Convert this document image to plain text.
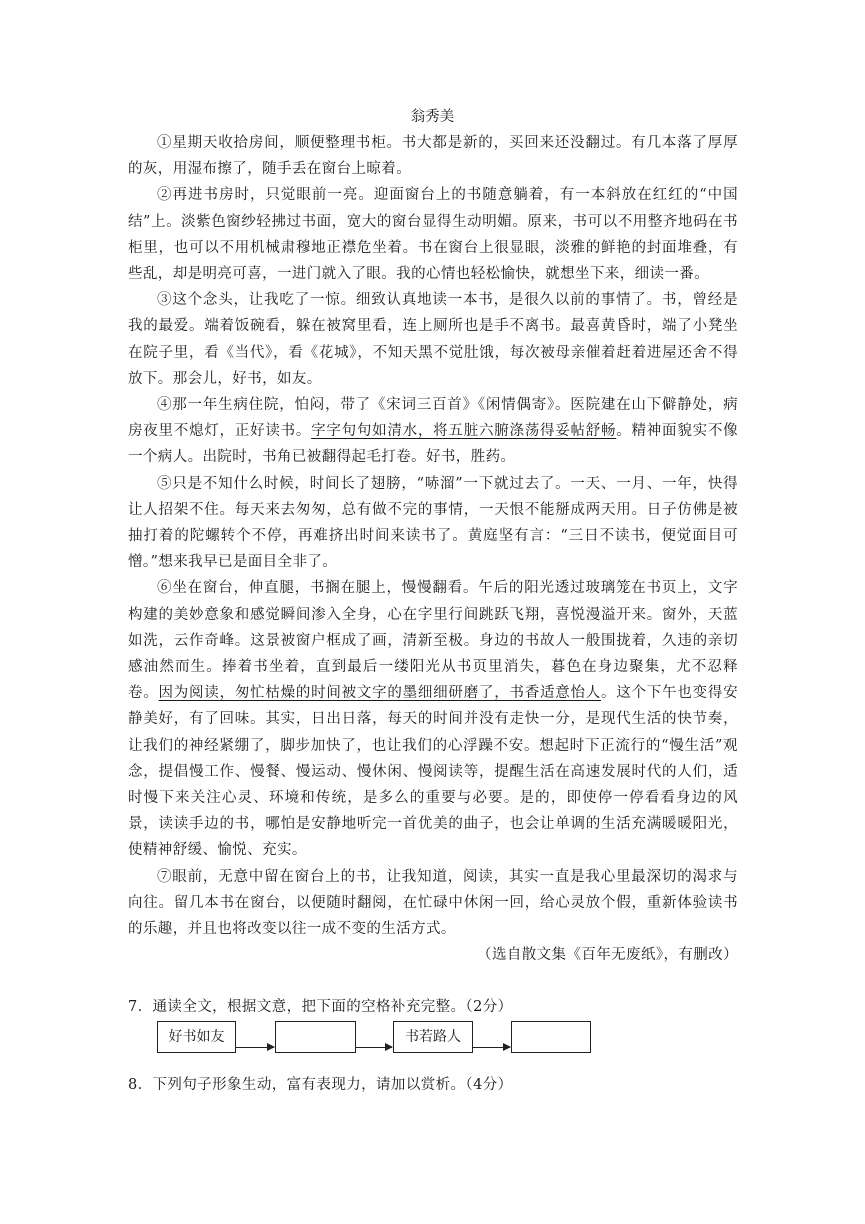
翁秀美

①星期天收拾房间，顺便整理书柜。书大都是新的，买回来还没翻过。有几本落了厚厚的灰，用湿布擦了，随手丢在窗台上晾着。

②再进书房时，只觉眼前一亮。迎面窗台上的书随意躺着，有一本斜放在红红的“中国结”上。淡紫色窗纱轻拂过书面，宽大的窗台显得生动明媚。原来，书可以不用整齐地码在书柜里，也可以不用机械肃穆地正襟危坐着。书在窗台上很显眼，淡雅的鲜艳的封面堆叠，有些乱，却是明亮可喜，一进门就入了眼。我的心情也轻松愉快，就想坐下来，细读一番。

③这个念头，让我吃了一惊。细致认真地读一本书，是很久以前的事情了。书，曾经是我的最爱。端着饭碗看，躲在被窝里看，连上厕所也是手不离书。最喜黄昏时，端了小凳坐在院子里，看《当代》，看《花城》，不知天黑不觉肚饿，每次被母亲催着赶着进屋还舍不得放下。那会儿，好书，如友。

④那一年生病住院，怕闷，带了《宋词三百首》《闲情偶寄》。医院建在山下僻静处，病房夜里不熄灯，正好读书。字字句句如清水，将五脏六腑涤荡得妥帖舒畅。精神面貌实不像一个病人。出院时，书角已被翻得起毛打卷。好书，胜药。

⑤只是不知什么时候，时间长了翅膀，“哧溜”一下就过去了。一天、一月、一年，快得让人招架不住。每天来去匆匆，总有做不完的事情，一天恨不能掰成两天用。日子仿佛是被抽打着的陀螺转个不停，再难挤出时间来读书了。黄庭坚有言：“三日不读书，便觉面目可憎。”想来我早已是面目全非了。

⑥坐在窗台，伸直腿，书搁在腿上，慢慢翻看。午后的阳光透过玻璃笼在书页上，文字构建的美妙意象和感觉瞬间渗入全身，心在字里行间跳跃飞翔，喜悦漫溢开来。窗外，天蓝如洗，云作奇峰。这景被窗户框成了画，清新至极。身边的书故人一般围拢着，久违的亲切感油然而生。捧着书坐着，直到最后一缕阳光从书页里消失，暮色在身边聚集，尤不忍释卷。因为阅读，匆忙枯燥的时间被文字的墨细细研磨了，书香适意怡人。这个下午也变得安静美好，有了回味。其实，日出日落，每天的时间并没有走快一分，是现代生活的快节奏，让我们的神经紧绷了，脚步加快了，也让我们的心浮躁不安。想起时下正流行的“慢生活”观念，提倡慢工作、慢餐、慢运动、慢休闲、慢阅读等，提醒生活在高速发展时代的人们，适时慢下来关注心灵、环境和传统，是多么的重要与必要。是的，即使停一停看看身边的风景，读读手边的书，哪怕是安静地听完一首优美的曲子，也会让单调的生活充满暖暖阳光，使精神舒缓、愉悦、充实。

⑦眼前，无意中留在窗台上的书，让我知道，阅读，其实一直是我心里最深切的渴求与向往。留几本书在窗台，以便随时翻阅，在忙碌中休闲一回，给心灵放个假，重新体验读书的乐趣，并且也将改变以往一成不变的生活方式。

（选自散文集《百年无废纸》，有删改）

7．通读全文，根据文意，把下面的空格补充完整。（2分）
好书如友	书若路人
8．下列句子形象生动，富有表现力，请加以赏析。（4分）
